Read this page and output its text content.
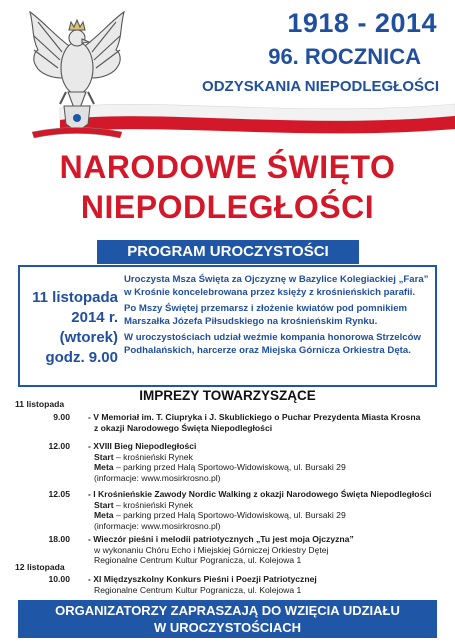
1918 - 2014
96. ROCZNICA
ODZYSKANIA NIEPODLEGŁOŚCI
NARODOWE ŚWIĘTO
NIEPODLEGŁOŚCI
PROGRAM UROCZYSTOŚCI
11 listopada
2014 r.
(wtorek)
godz. 9.00

Uroczysta Msza Święta za Ojczyznę w Bazylice Kolegiackiej „Fara” w Krośnie koncelebrowana przez księży z krośnieńskich parafii.

Po Mszy Świętej przemarsz i złożenie kwiatów pod pomnikiem Marszałka Józefa Piłsudskiego na krośnieńskim Rynku.

W uroczystościach udział weźmie kompania honorowa Strzelców Podhalańskich, harcerze oraz Miejska Górnicza Orkiestra Dęta.

IMPREZY TOWARZYSZĄCE
11 listopada
9.00 - V Memoriał im. T. Ciupryka i J. Skublickiego o Puchar Prezydenta Miasta Krosna
z okazji Narodowego Święta Niepodległości
12.00 - XVIII Bieg Niepodległości
Start – krośnieński Rynek
Meta – parking przed Halą Sportowo-Widowiskową, ul. Bursaki 29
(informacje: www.mosirkrosno.pl)
12.05 - I Krośnieńskie Zawody Nordic Walking z okazji Narodowego Święta Niepodległości
Start – krośnieński Rynek
Meta – parking przed Halą Sportowo-Widowiskową, ul. Bursaki 29
(informacje: www.mosirkrosno.pl)
18.00 - Wieczór pieśni i melodii patriotycznych „Tu jest moja Ojczyzna”
w wykonaniu Chóru Echo i Miejskiej Górniczej Orkiestry Dętej
Regionalne Centrum Kultur Pogranicza, ul. Kolejowa 1
12 listopada
10.00 - XI Międzyszkolny Konkurs Pieśni i Poezji Patriotycznej
Regionalne Centrum Kultur Pogranicza, ul. Kolejowa 1
ORGANIZATORZY ZAPRASZAJĄ DO WZIĘCIA UDZIAŁU
W UROCZYSTOŚCIACH
